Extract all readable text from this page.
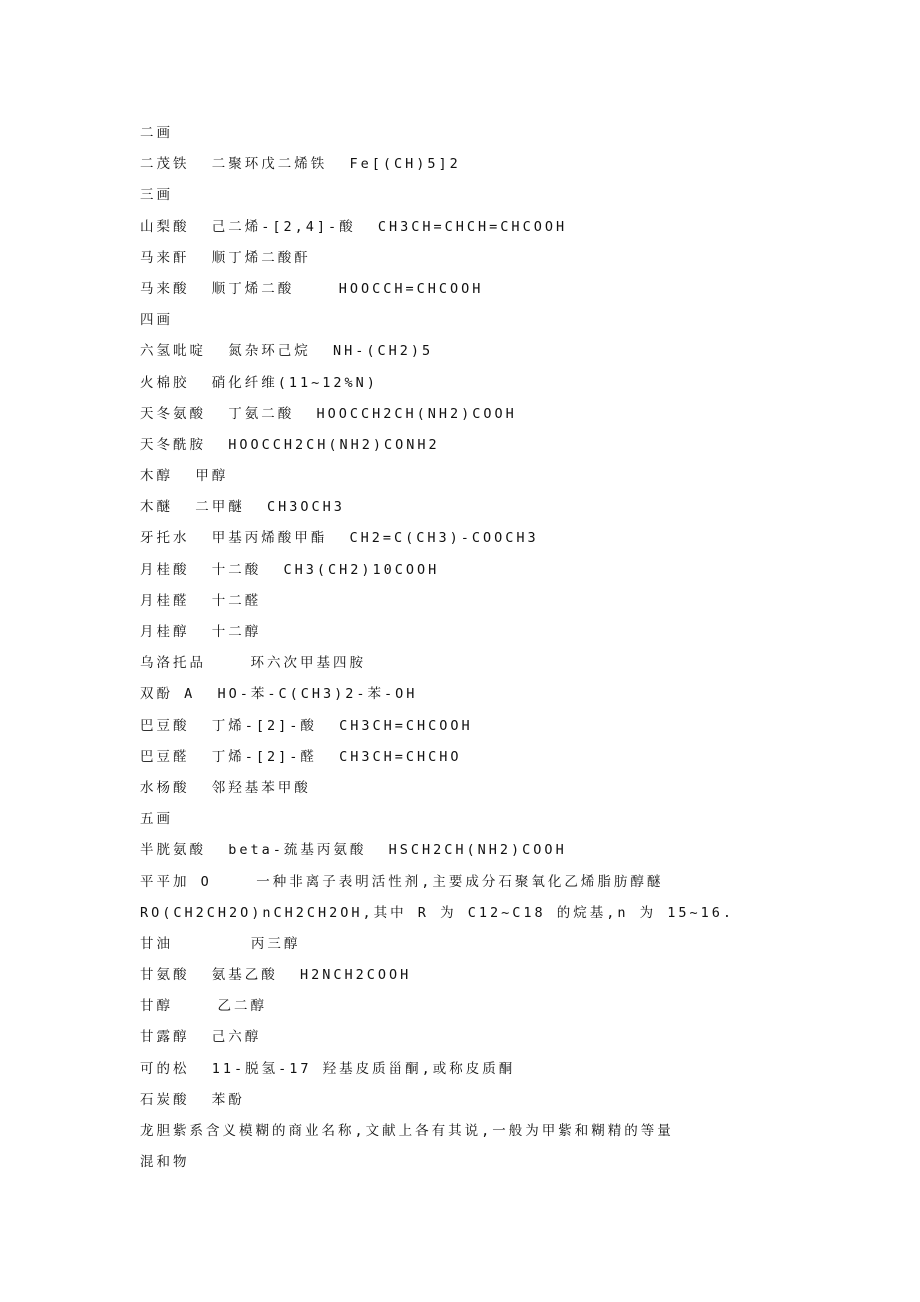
二画
二茂铁  二聚环戊二烯铁  Fe[(CH)5]2
三画
山梨酸  己二烯-[2,4]-酸  CH3CH=CHCH=CHCOOH
马来酐  顺丁烯二酸酐
马来酸  顺丁烯二酸    HOOCCH=CHCOOH
四画
六氢吡啶  氮杂环己烷  NH-(CH2)5
火棉胶  硝化纤维(11~12%N)
天冬氨酸  丁氨二酸  HOOCCH2CH(NH2)COOH
天冬酰胺  HOOCCH2CH(NH2)CONH2
木醇  甲醇
木醚  二甲醚  CH3OCH3
牙托水  甲基丙烯酸甲酯  CH2=C(CH3)-COOCH3
月桂酸  十二酸  CH3(CH2)10COOH
月桂醛  十二醛
月桂醇  十二醇
乌洛托品    环六次甲基四胺
双酚 A  HO-苯-C(CH3)2-苯-OH
巴豆酸  丁烯-[2]-酸  CH3CH=CHCOOH
巴豆醛  丁烯-[2]-醛  CH3CH=CHCHO
水杨酸  邻羟基苯甲酸
五画
半胱氨酸  beta-巯基丙氨酸  HSCH2CH(NH2)COOH
平平加 O    一种非离子表明活性剂,主要成分石聚氧化乙烯脂肪醇醚
RO(CH2CH2O)nCH2CH2OH,其中 R 为 C12~C18 的烷基,n 为 15~16.
甘油       丙三醇
甘氨酸  氨基乙酸  H2NCH2COOH
甘醇    乙二醇
甘露醇  己六醇
可的松  11-脱氢-17 羟基皮质甾酮,或称皮质酮
石炭酸  苯酚
龙胆紫系含义模糊的商业名称,文献上各有其说,一般为甲紫和糊精的等量
混和物
